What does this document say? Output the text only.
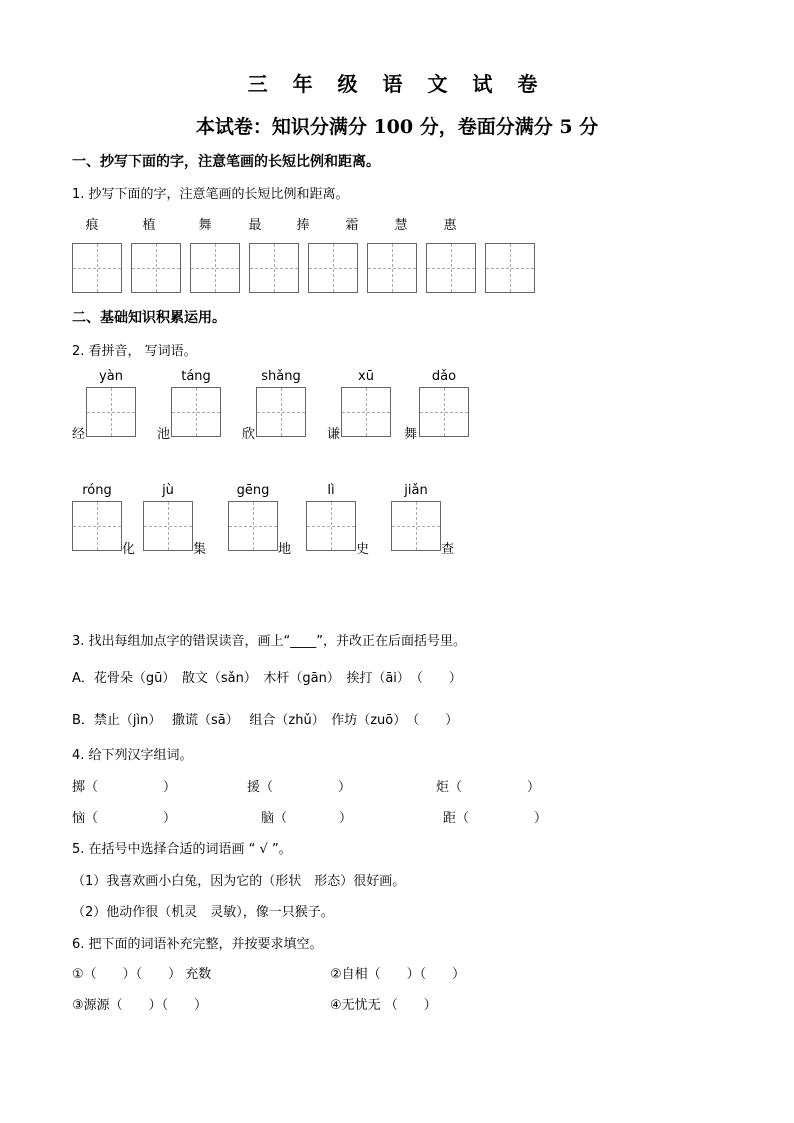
三 年 级 语 文 试 卷
本试卷：知识分满分 100 分，卷面分满分 5 分
一、抄写下面的字，注意笔画的长短比例和距离。
1. 抄写下面的字，注意笔画的长短比例和距离。
痕	植	舞	最	捧	霜	慧	惠
二、基础知识积累运用。
2. 看拼音， 写词语。
yàn
经
táng
池
shǎng
欣
xū
谦
dǎo
舞
róng
化
jù
集
gēng
地
lì
史
jiǎn
查
3. 找出每组加点字的错误读音，画上“____”，并改正在后面括号里。
A．花骨朵（gū）　散文（sǎn）　木杆（gān）　挨打（āi）　（　　）
B．禁止（jìn）　 撒谎（sā）　 组合（zhǔ）　作坊（zuō）　（　　）
4. 给下列汉字组词。
掷（　　　　　）	援（　　　　　）	炬（　　　　　）
恼（　　　　　）	脑（　　　　）	距（　　　　　）
5. 在括号中选择合适的词语画 “ √ ”。
（1）我喜欢画小白兔，因为它的（形状　形态）很好画。
（2）他动作很（机灵　灵敏），像一只猴子。
6. 把下面的词语补充完整，并按要求填空。
①（　　）（　　） 充数	②自相（　　）（　　）
③源源（　　）（　　）	④无忧无 （　　）
